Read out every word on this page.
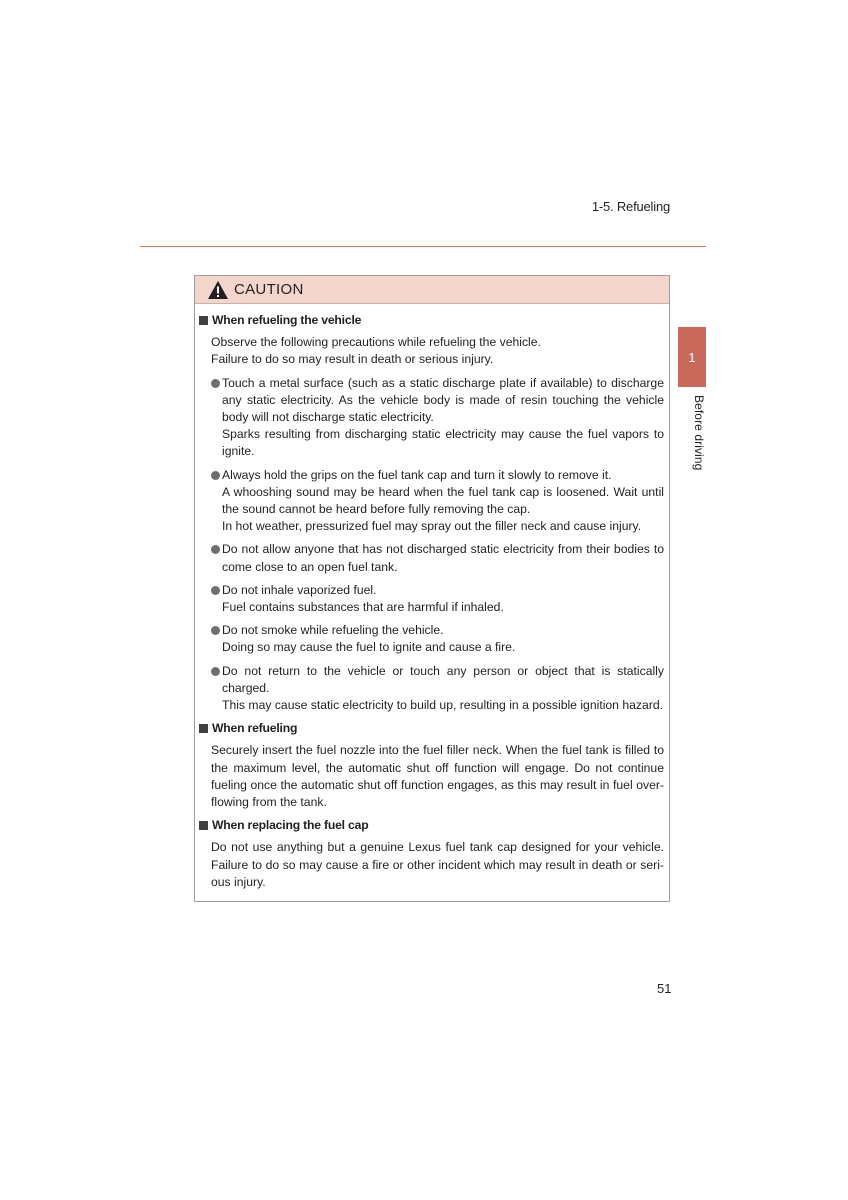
1-5. Refueling
1
Before driving
CAUTION
When refueling the vehicle
Observe the following precautions while refueling the vehicle.
Failure to do so may result in death or serious injury.
Touch a metal surface (such as a static discharge plate if available) to discharge any static electricity. As the vehicle body is made of resin touching the vehicle body will not discharge static electricity.
Sparks resulting from discharging static electricity may cause the fuel vapors to ignite.
Always hold the grips on the fuel tank cap and turn it slowly to remove it.
A whooshing sound may be heard when the fuel tank cap is loosened. Wait until the sound cannot be heard before fully removing the cap.
In hot weather, pressurized fuel may spray out the filler neck and cause injury.
Do not allow anyone that has not discharged static electricity from their bodies to come close to an open fuel tank.
Do not inhale vaporized fuel.
Fuel contains substances that are harmful if inhaled.
Do not smoke while refueling the vehicle.
Doing so may cause the fuel to ignite and cause a fire.
Do not return to the vehicle or touch any person or object that is statically charged.
This may cause static electricity to build up, resulting in a possible ignition hazard.
When refueling
Securely insert the fuel nozzle into the fuel filler neck. When the fuel tank is filled to the maximum level, the automatic shut off function will engage. Do not continue fueling once the automatic shut off function engages, as this may result in fuel over-flowing from the tank.
When replacing the fuel cap
Do not use anything but a genuine Lexus fuel tank cap designed for your vehicle. Failure to do so may cause a fire or other incident which may result in death or seri-ous injury.
51
